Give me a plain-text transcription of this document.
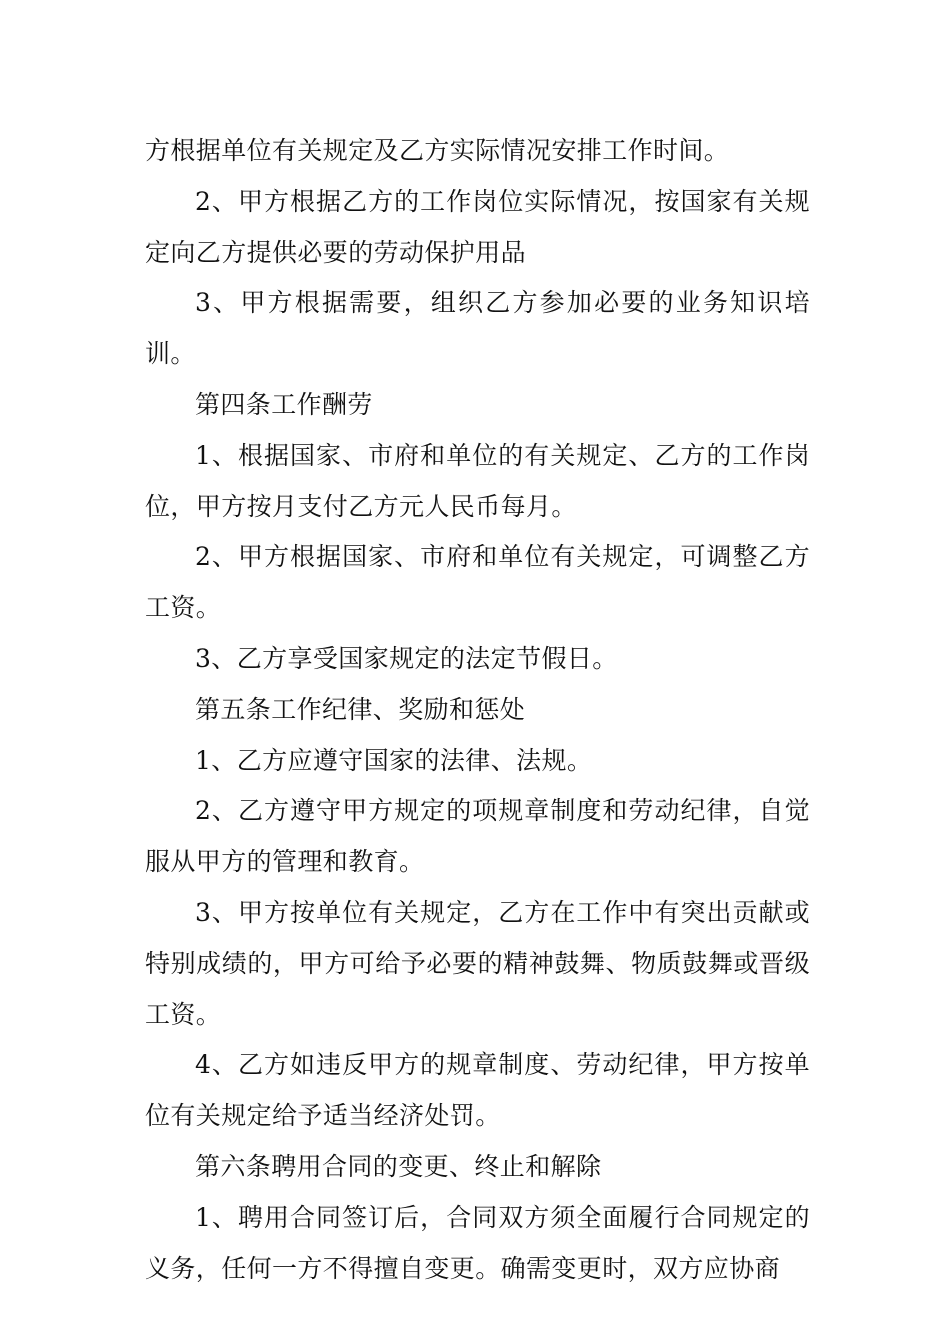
方根据单位有关规定及乙方实际情况安排工作时间。

2、甲方根据乙方的工作岗位实际情况，按国家有关规定向乙方提供必要的劳动保护用品

3、甲方根据需要，组织乙方参加必要的业务知识培训。

第四条工作酬劳

1、根据国家、市府和单位的有关规定、乙方的工作岗位，甲方按月支付乙方元人民币每月。

2、甲方根据国家、市府和单位有关规定，可调整乙方工资。

3、乙方享受国家规定的法定节假日。

第五条工作纪律、奖励和惩处

1、乙方应遵守国家的法律、法规。

2、乙方遵守甲方规定的项规章制度和劳动纪律，自觉服从甲方的管理和教育。

3、甲方按单位有关规定，乙方在工作中有突出贡献或特别成绩的，甲方可给予必要的精神鼓舞、物质鼓舞或晋级工资。

4、乙方如违反甲方的规章制度、劳动纪律，甲方按单位有关规定给予适当经济处罚。

第六条聘用合同的变更、终止和解除

1、聘用合同签订后，合同双方须全面履行合同规定的义务，任何一方不得擅自变更。确需变更时，双方应协商
